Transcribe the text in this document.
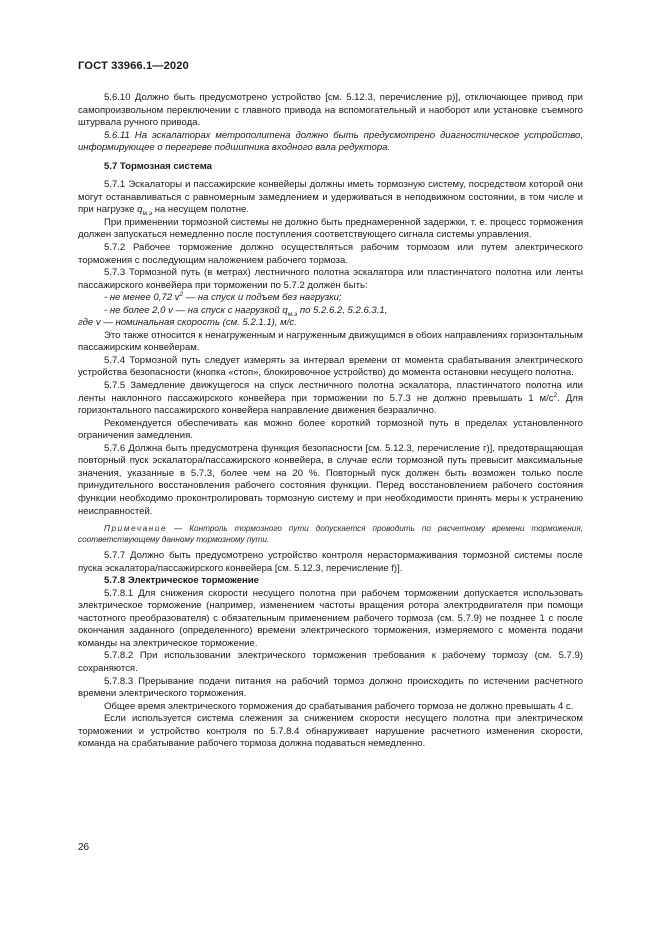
ГОСТ 33966.1—2020

5.6.10 Должно быть предусмотрено устройство [см. 5.12.3, перечисление р)], отключающее привод при самопроизвольном переключении с главного привода на вспомогательный и наоборот или установке съемного штурвала ручного привода.

5.6.11 На эскалаторах метрополитена должно быть предусмотрено диагностическое устройство, информирующее о перегреве подшипника входного вала редуктора.

5.7 Тормозная система

5.7.1 Эскалаторы и пассажирские конвейеры должны иметь тормозную систему, посредством которой они могут останавливаться с равномерным замедлением и удерживаться в неподвижном состоянии, в том числе и при нагрузке $q_{м.э}$ на несущем полотне.

При применении тормозной системы не должно быть преднамеренной задержки, т. е. процесс торможения должен запускаться немедленно после поступления соответствующего сигнала системы управления.

5.7.2 Рабочее торможение должно осуществляться рабочим тормозом или путем электрического торможения с последующим наложением рабочего тормоза.

5.7.3 Тормозной путь (в метрах) лестничного полотна эскалатора или пластинчатого полотна или ленты пассажирского конвейера при торможении по 5.7.2 должен быть:

- не менее 0,72 $v^2$ — на спуск и подъем без нагрузки;

- не более 2,0 v — на спуск с нагрузкой $q_{м.э}$ по 5.2.6.2, 5.2.6.3.1,

где v — номинальная скорость (см. 5.2.1.1), м/с.

Это также относится к ненагруженным и нагруженным движущимся в обоих направлениях горизонтальным пассажирским конвейерам.

5.7.4 Тормозной путь следует измерять за интервал времени от момента срабатывания электрического устройства безопасности (кнопка «стоп», блокировочное устройство) до момента остановки несущего полотна.

5.7.5 Замедление движущегося на спуск лестничного полотна эскалатора, пластинчатого полотна или ленты наклонного пассажирского конвейера при торможении по 5.7.3 не должно превышать 1 $м/с^2$. Для горизонтального пассажирского конвейера направление движения безразлично.

Рекомендуется обеспечивать как можно более короткий тормозной путь в пределах установленного ограничения замедления.

5.7.6 Должна быть предусмотрена функция безопасности [см. 5.12.3, перечисление г)], предотвращающая повторный пуск эскалатора/пассажирского конвейера, в случае если тормозной путь превысит максимальные значения, указанные в 5.7.3, более чем на 20 %. Повторный пуск должен быть возможен только после принудительного восстановления рабочего состояния функции. Перед восстановлением рабочего состояния функции необходимо проконтролировать тормозную систему и при необходимости принять меры к устранению неисправностей.

Примечание — Контроль тормозного пути допускается проводить по расчетному времени торможения, соответствующему данному тормозному пути.

5.7.7 Должно быть предусмотрено устройство контроля нерастормаживания тормозной системы после пуска эскалатора/пассажирского конвейера [см. 5.12.3, перечисление f)].

5.7.8 Электрическое торможение

5.7.8.1 Для снижения скорости несущего полотна при рабочем торможении допускается использовать электрическое торможение (например, изменением частоты вращения ротора электродвигателя при помощи частотного преобразователя) с обязательным применением рабочего тормоза (см. 5.7.9) не позднее 1 с после окончания заданного (определенного) времени электрического торможения, измеряемого с момента подачи команды на электрическое торможение.

5.7.8.2 При использовании электрического торможения требования к рабочему тормозу (см. 5.7.9) сохраняются.

5.7.8.3 Прерывание подачи питания на рабочий тормоз должно происходить по истечении расчетного времени электрического торможения.

Общее время электрического торможения до срабатывания рабочего тормоза не должно превышать 4 с.

Если используется система слежения за снижением скорости несущего полотна при электрическом торможении и устройство контроля по 5.7.8.4 обнаруживает нарушение расчетного изменения скорости, команда на срабатывание рабочего тормоза должна подаваться немедленно.

26
